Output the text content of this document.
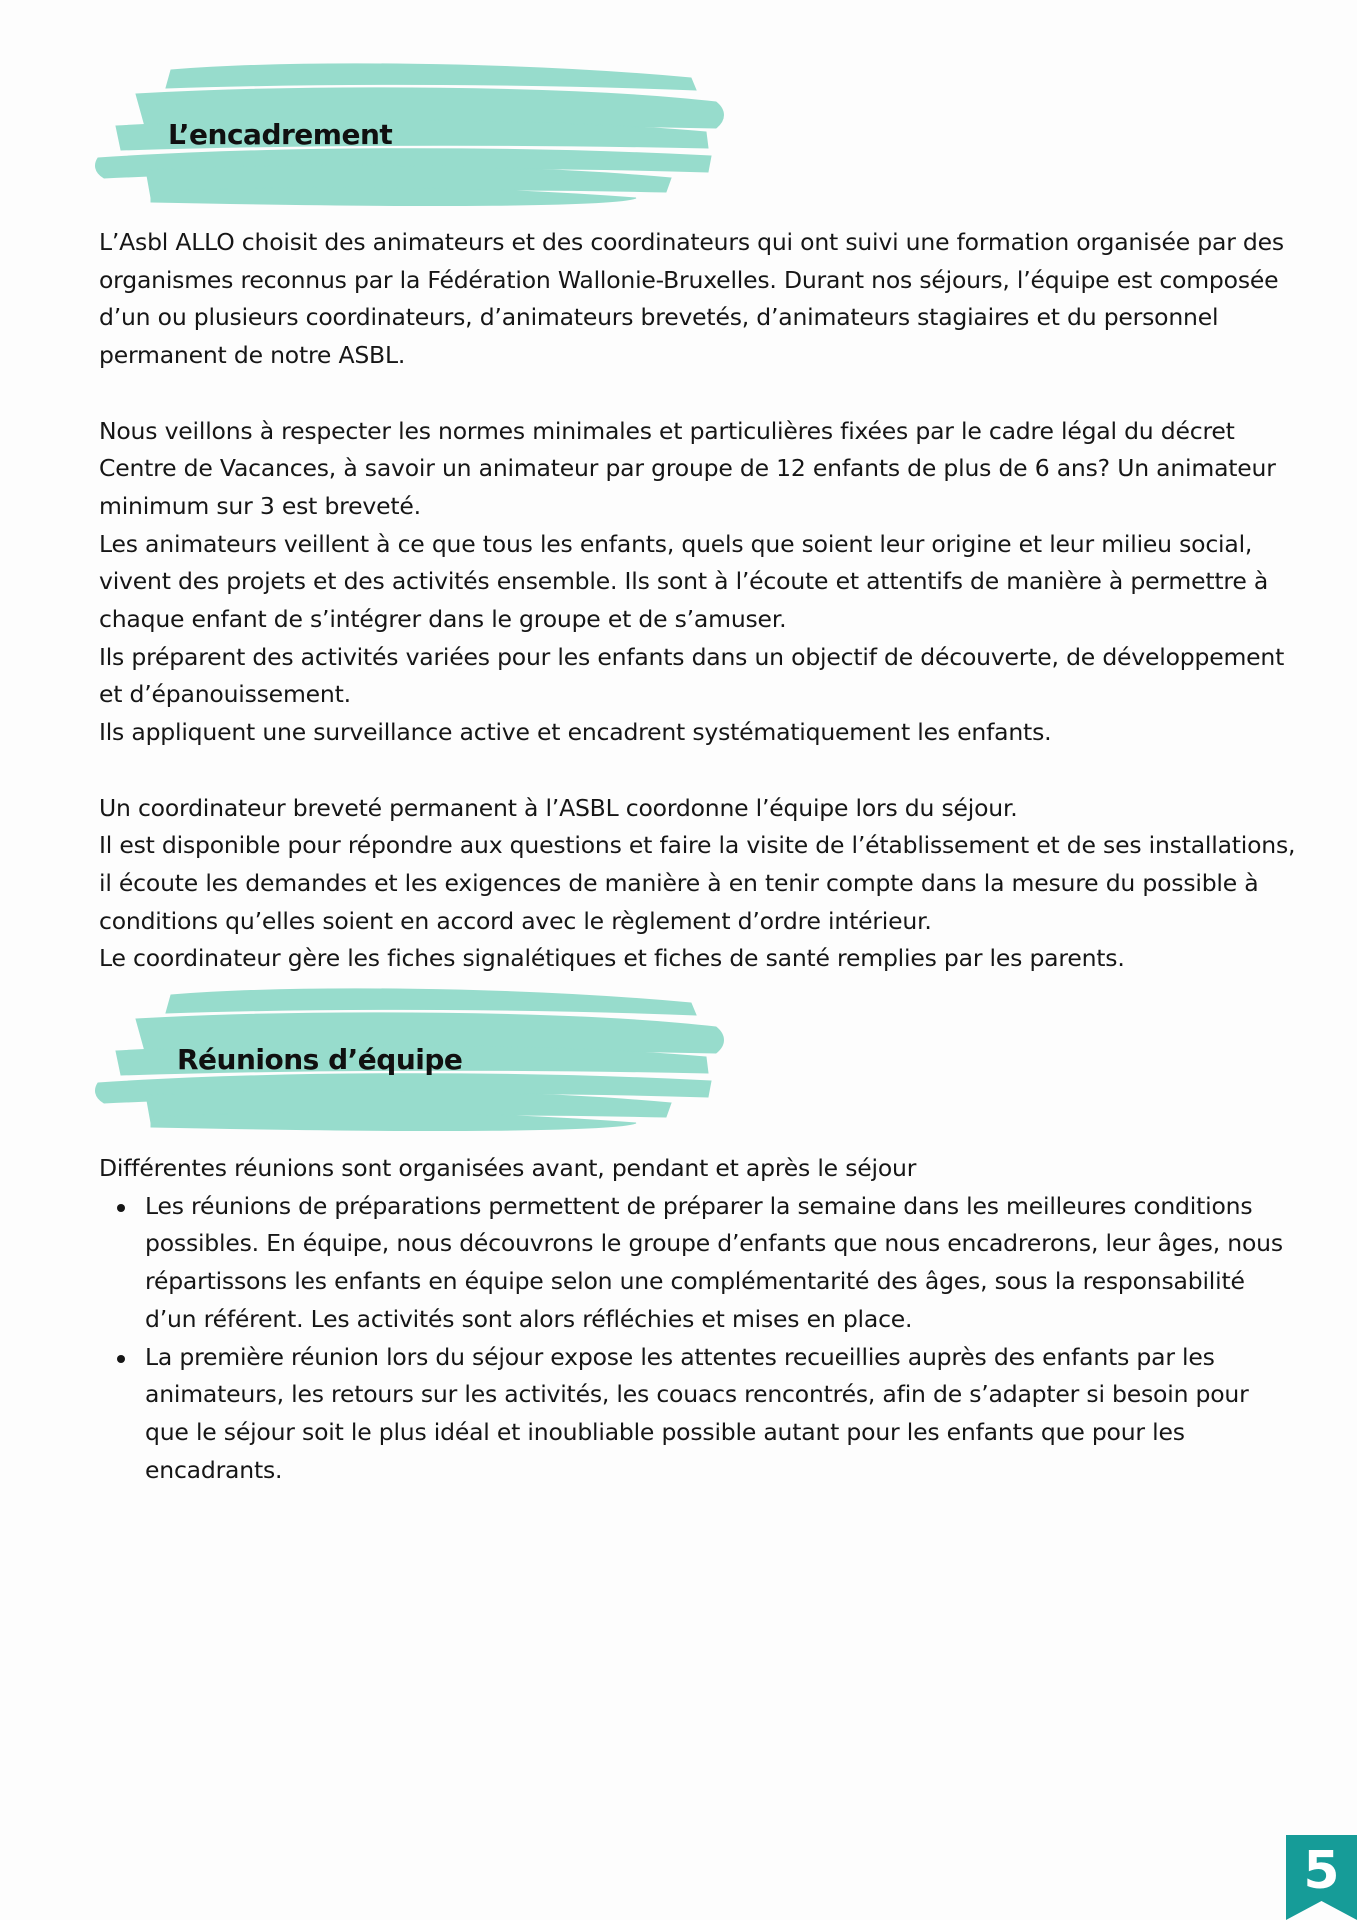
L’encadrement

L’Asbl ALLO choisit des animateurs et des coordinateurs qui ont suivi une formation organisée par des organismes reconnus par la Fédération Wallonie-Bruxelles. Durant nos séjours, l’équipe est composée d’un ou plusieurs coordinateurs, d’animateurs brevetés, d’animateurs stagiaires et du personnel permanent de notre ASBL.

Nous veillons à respecter les normes minimales et particulières fixées par le cadre légal du décret Centre de Vacances, à savoir un animateur par groupe de 12 enfants de plus de 6 ans? Un animateur minimum sur 3 est breveté.

Les animateurs veillent à ce que tous les enfants, quels que soient leur origine et leur milieu social, vivent des projets et des activités ensemble. Ils sont à l’écoute et attentifs de manière à permettre à chaque enfant de s’intégrer dans le groupe et de s’amuser.

Ils préparent des activités variées pour les enfants dans un objectif de découverte, de développement et d’épanouissement.

Ils appliquent une surveillance active et encadrent systématiquement les enfants.

Un coordinateur breveté permanent à l’ASBL coordonne l’équipe lors du séjour.

Il est disponible pour répondre aux questions et faire la visite de l’établissement et de ses installations, il écoute les demandes et les exigences de manière à en tenir compte dans la mesure du possible à conditions qu’elles soient en accord avec le règlement d’ordre intérieur.

Le coordinateur gère les fiches signalétiques et fiches de santé remplies par les parents.

Réunions d’équipe

Différentes réunions sont organisées avant, pendant et après le séjour

Les réunions de préparations permettent de préparer la semaine dans les meilleures conditions possibles. En équipe, nous découvrons le groupe d’enfants que nous encadrerons, leur âges, nous répartissons les enfants en équipe selon une complémentarité des âges, sous la responsabilité d’un référent. Les activités sont alors réfléchies et mises en place.
La première réunion lors du séjour expose les attentes recueillies auprès des enfants par les animateurs, les retours sur les activités, les couacs rencontrés, afin de s’adapter si besoin pour que le séjour soit le plus idéal et inoubliable possible autant pour les enfants que pour les encadrants.
5
